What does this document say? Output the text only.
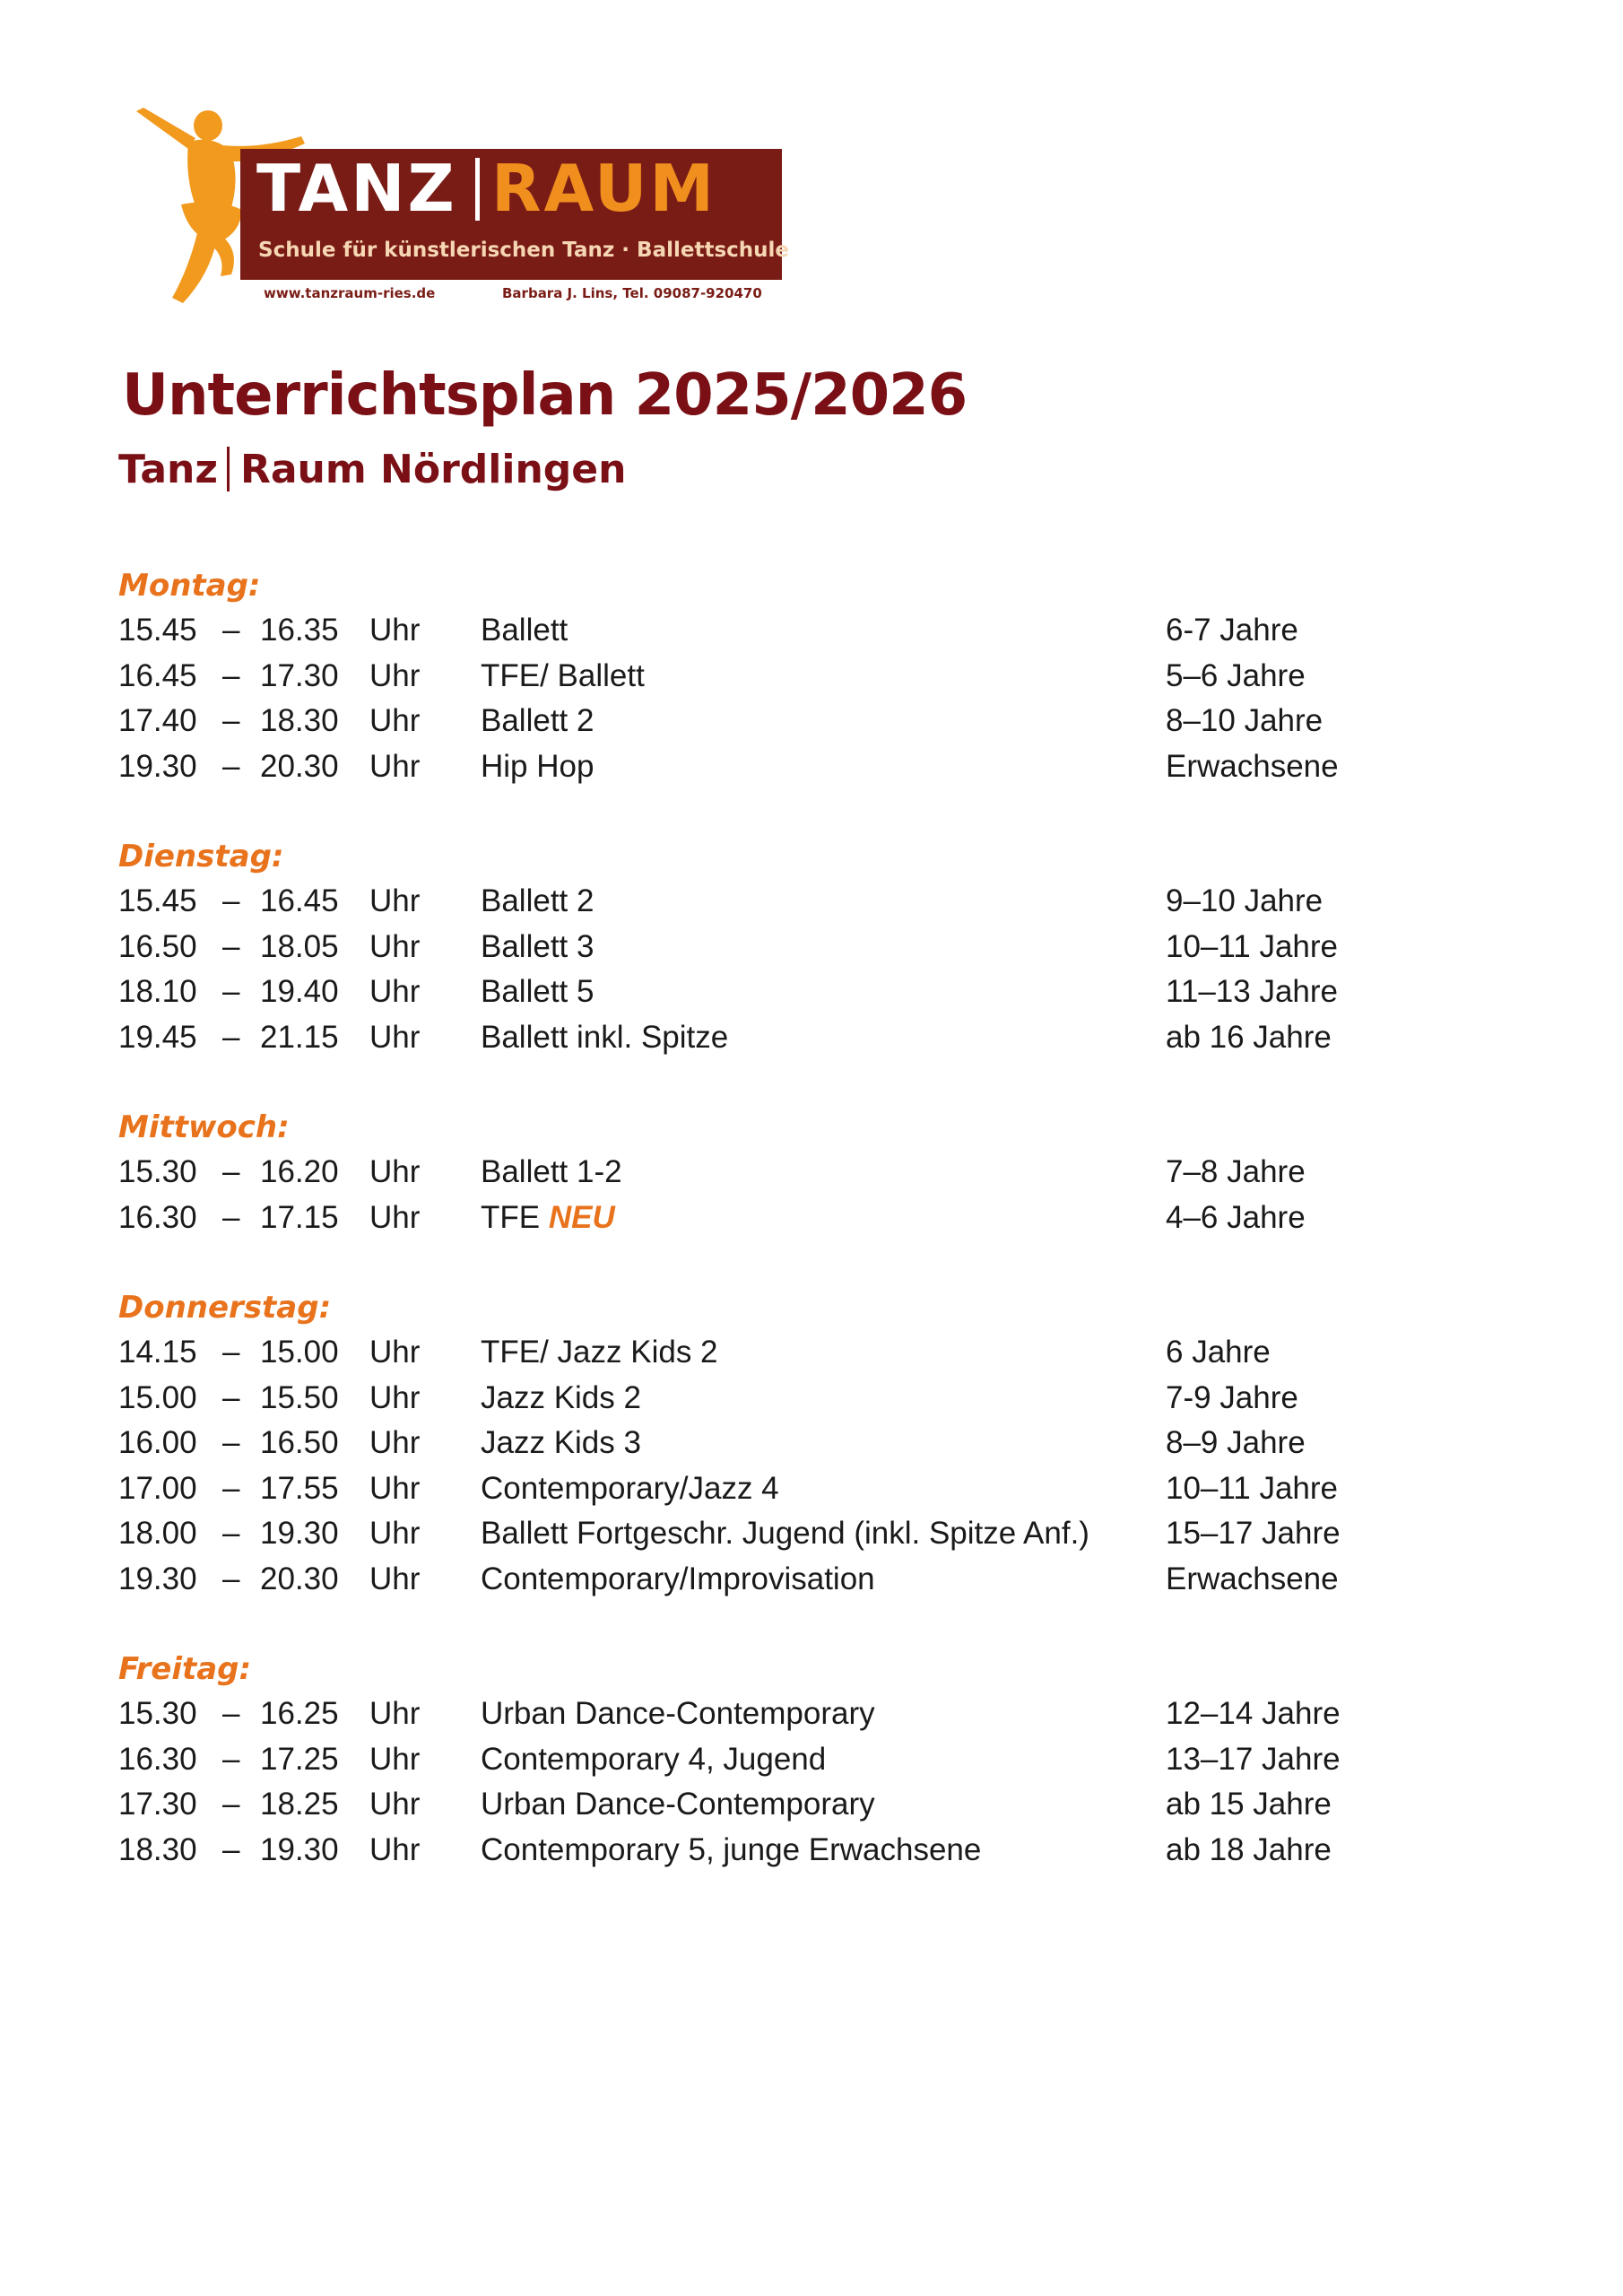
TANZ RAUM
Schule für künstlerischen Tanz · Ballettschule
www.tanzraum-ries.de	Barbara J. Lins, Tel. 09087-920470
Unterrichtsplan 2025/2026
Tanz Raum Nördlingen
Montag:
15.45 – 16.35 Uhr Ballett	6-7 Jahre
16.45 – 17.30 Uhr TFE/ Ballett	5–6 Jahre
17.40 – 18.30 Uhr Ballett 2	8–10 Jahre
19.30 – 20.30 Uhr Hip Hop	Erwachsene
Dienstag:
15.45 – 16.45 Uhr Ballett 2	9–10 Jahre
16.50 – 18.05 Uhr Ballett 3	10–11 Jahre
18.10 – 19.40 Uhr Ballett 5	11–13 Jahre
19.45 – 21.15 Uhr Ballett inkl. Spitze	ab 16 Jahre
Mittwoch:
15.30 – 16.20 Uhr Ballett 1-2	7–8 Jahre
16.30 – 17.15 Uhr TFE NEU	4–6 Jahre
Donnerstag:
14.15 – 15.00 Uhr TFE/ Jazz Kids 2	6 Jahre
15.00 – 15.50 Uhr Jazz Kids 2	7-9 Jahre
16.00 – 16.50 Uhr Jazz Kids 3	8–9 Jahre
17.00 – 17.55 Uhr Contemporary/Jazz 4	10–11 Jahre
18.00 – 19.30 Uhr Ballett Fortgeschr. Jugend (inkl. Spitze Anf.) 15–17 Jahre
19.30 – 20.30 Uhr Contemporary/Improvisation	Erwachsene
Freitag:
15.30 – 16.25 Uhr Urban Dance-Contemporary	12–14 Jahre
16.30 – 17.25 Uhr Contemporary 4, Jugend	13–17 Jahre
17.30 – 18.25 Uhr Urban Dance-Contemporary	ab 15 Jahre
18.30 – 19.30 Uhr Contemporary 5, junge Erwachsene	ab 18 Jahre
